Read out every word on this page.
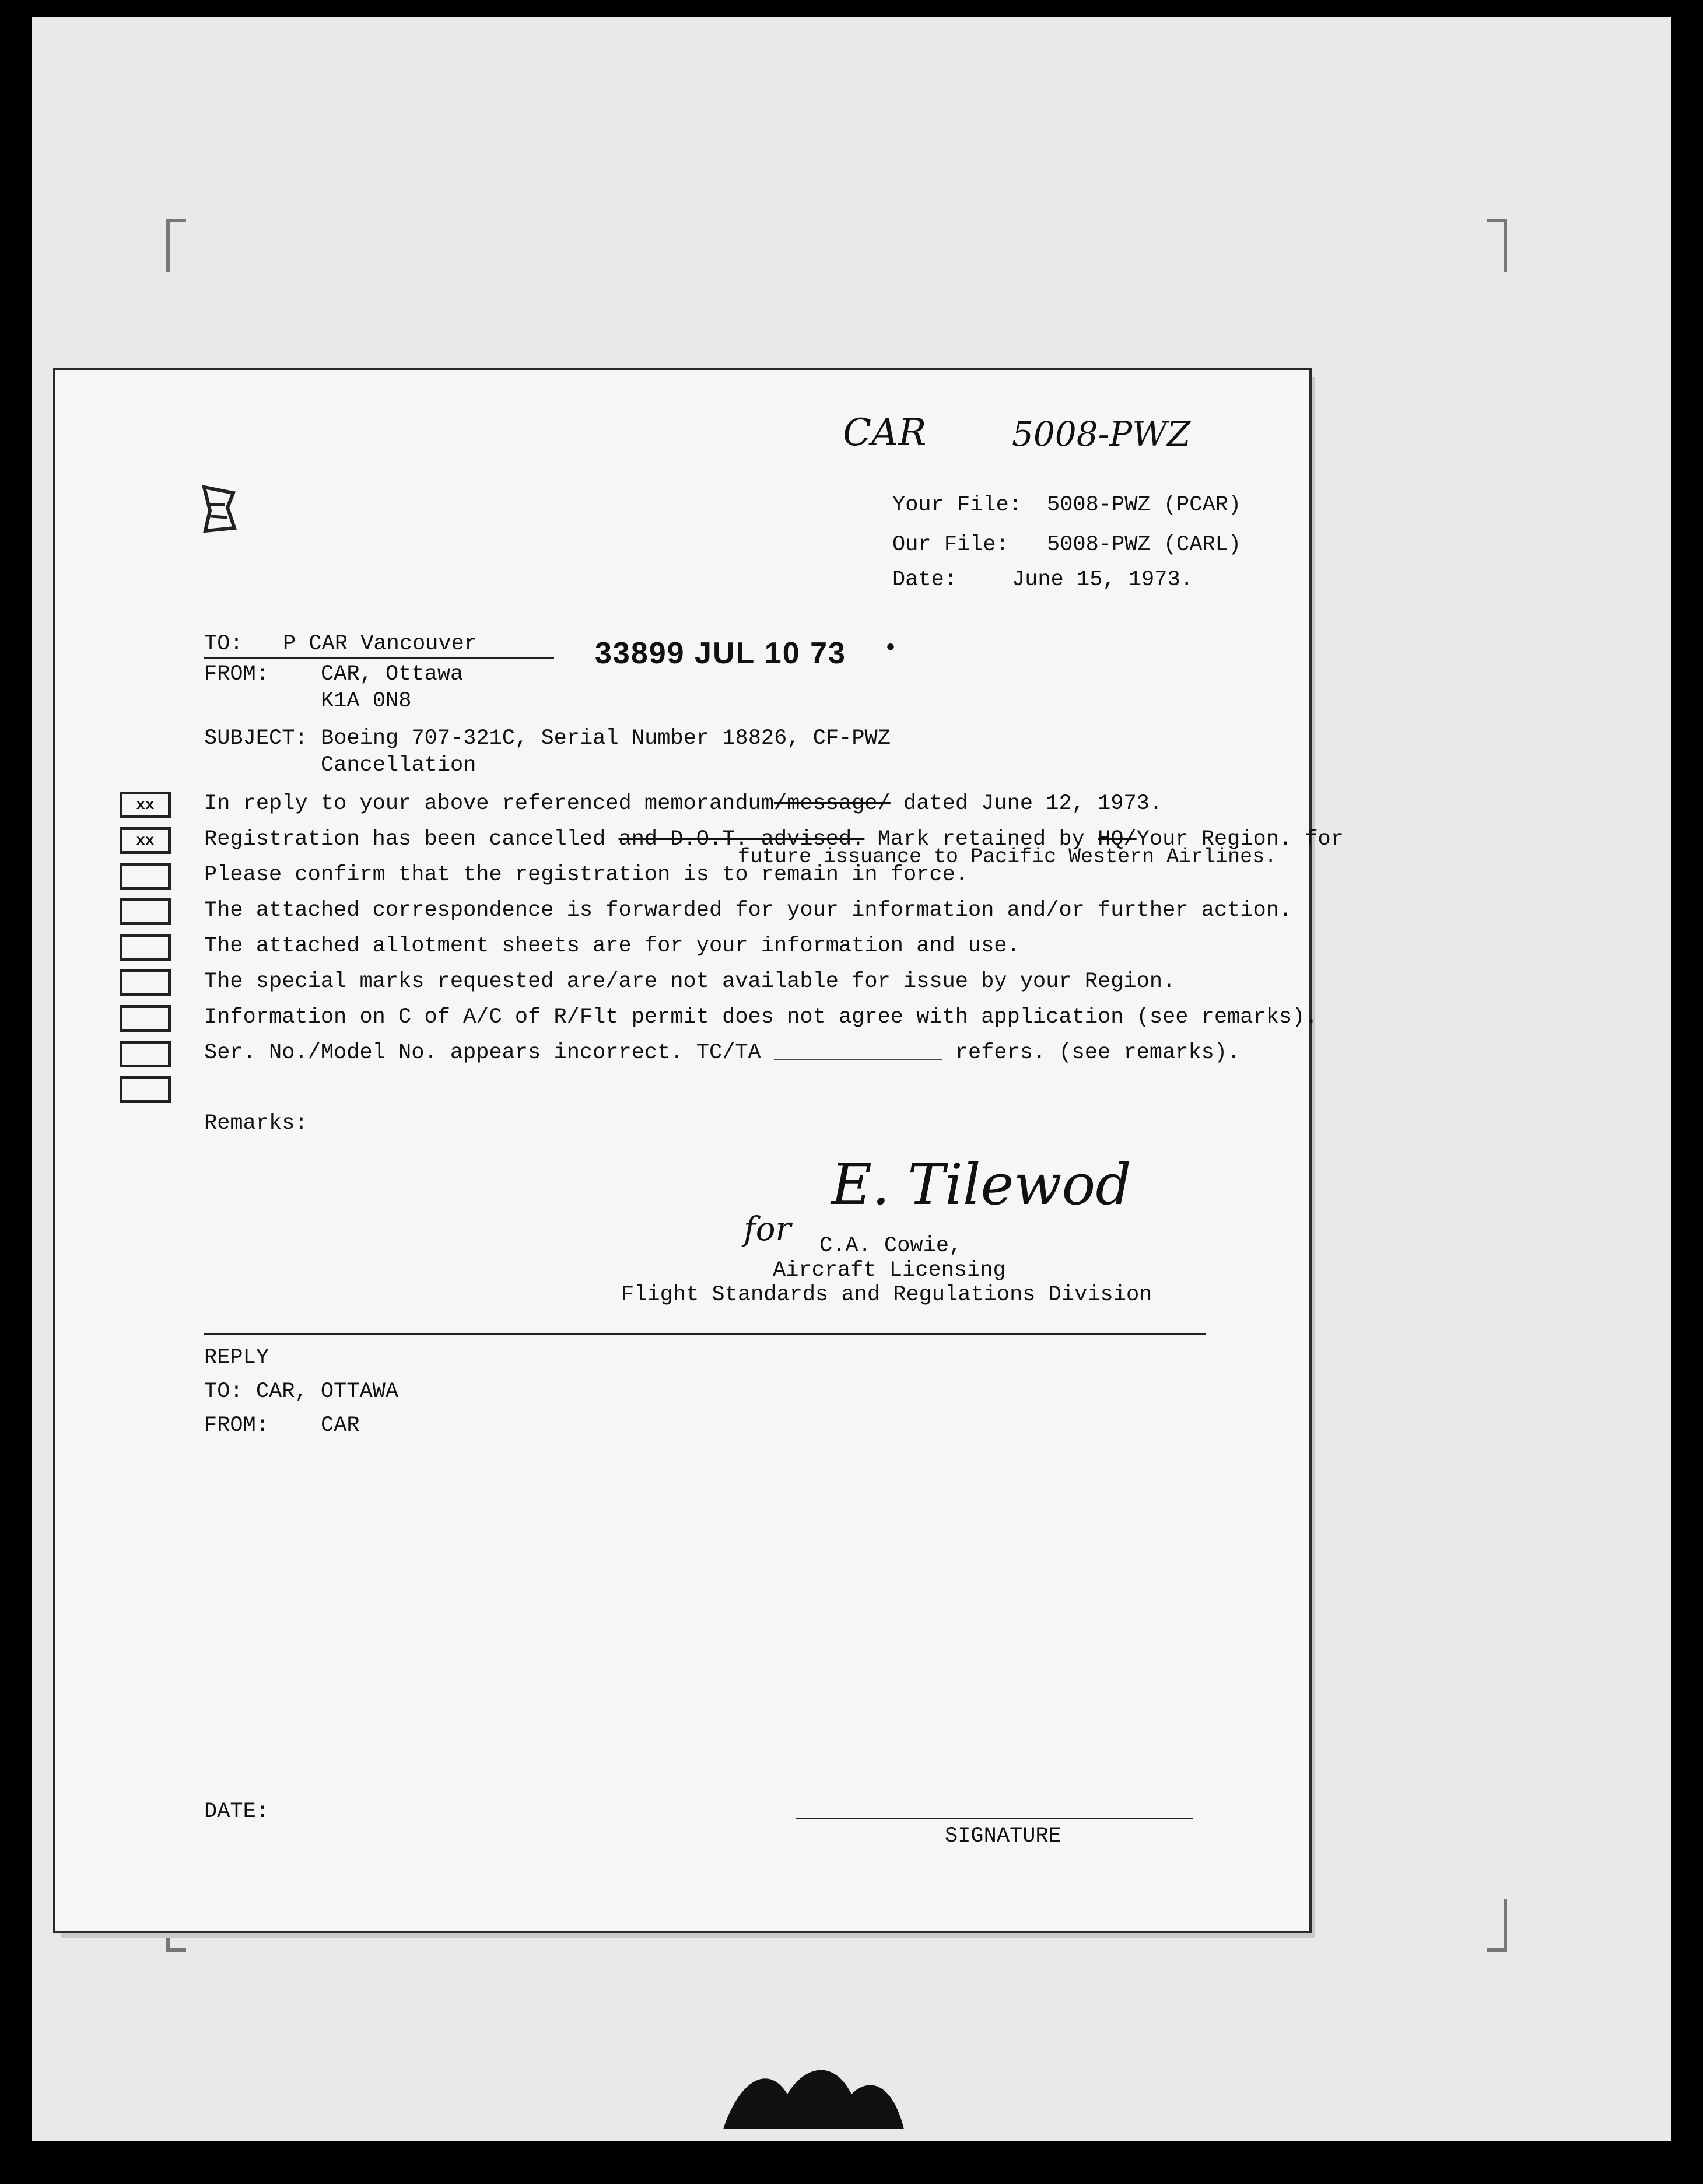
CAR	5008-PWZ
Your File: 5008-PWZ (PCAR)
Our File: 5008-PWZ (CARL)
Date:	June 15, 1973.
33899 JUL 10 73 •
TO: P CAR Vancouver
FROM: CAR, Ottawa
K1A 0N8
SUBJECT: Boeing 707-321C, Serial Number 18826, CF-PWZ
Cancellation
xx
xx
In reply to your above referenced memorandum/message/ dated June 12, 1973.
Registration has been cancelled and D.O.T. advised. Mark retained by HQ/Your Region. for
future issuance to Pacific Western Airlines.
Please confirm that the registration is to remain in force.
The attached correspondence is forwarded for your information and/or further action.
The attached allotment sheets are for your information and use.
The special marks requested are/are not available for issue by your Region.
Information on C of A/C of R/Flt permit does not agree with application (see remarks).
Ser. No./Model No. appears incorrect. TC/TA _____________ refers. (see remarks).
Remarks:
for
E. Tilewod
C.A. Cowie,
Aircraft Licensing
Flight Standards and Regulations Division
REPLY
TO: CAR, OTTAWA
FROM: CAR
DATE:
SIGNATURE
